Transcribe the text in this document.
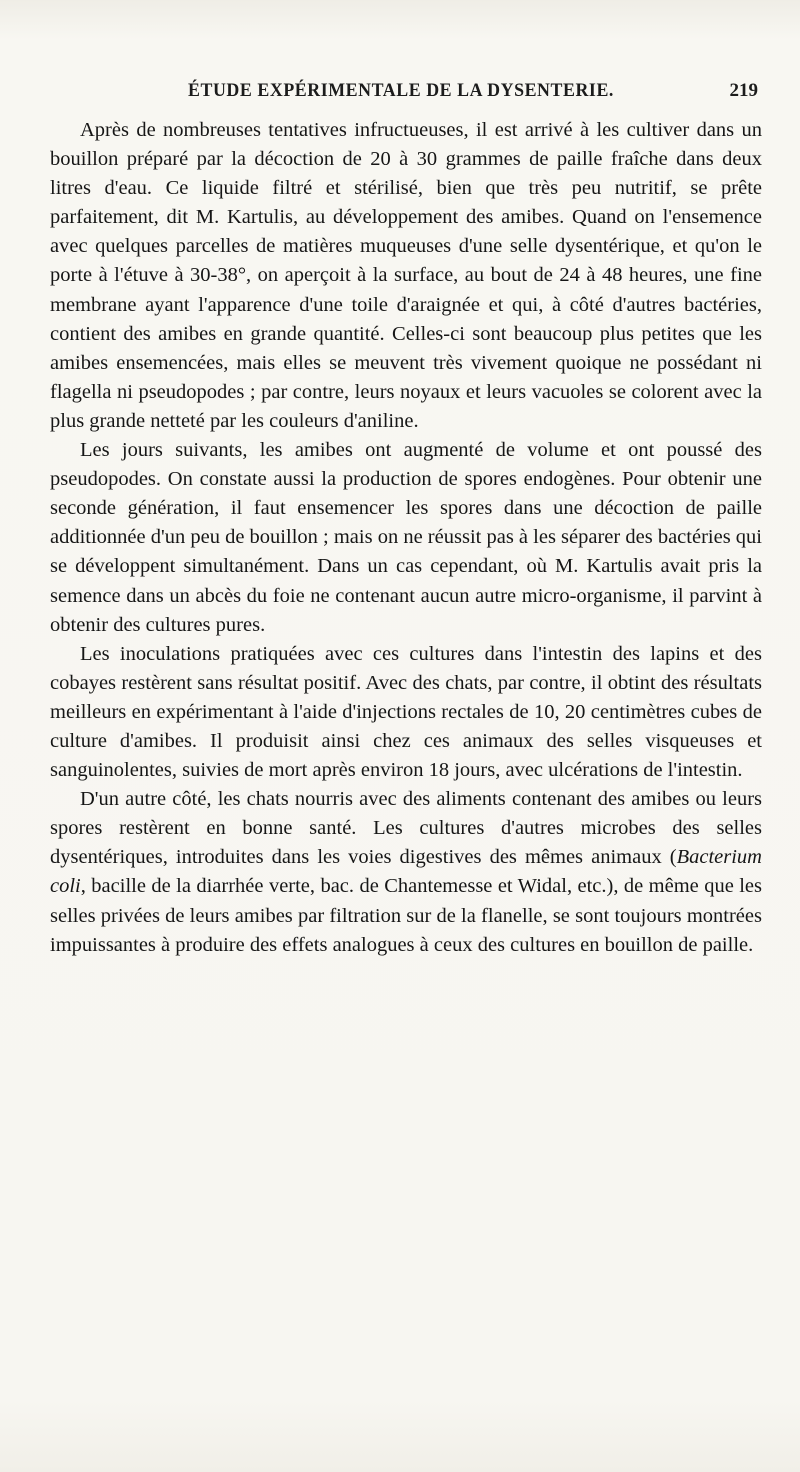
ÉTUDE EXPÉRIMENTALE DE LA DYSENTERIE.	219

Après de nombreuses tentatives infructueuses, il est arrivé à les cultiver dans un bouillon préparé par la décoction de 20 à 30 grammes de paille fraîche dans deux litres d'eau. Ce liquide filtré et stérilisé, bien que très peu nutritif, se prête parfaitement, dit M. Kartulis, au développement des amibes. Quand on l'ensemence avec quelques parcelles de matières muqueuses d'une selle dysentérique, et qu'on le porte à l'étuve à 30-38°, on aperçoit à la surface, au bout de 24 à 48 heures, une fine membrane ayant l'apparence d'une toile d'araignée et qui, à côté d'autres bactéries, contient des amibes en grande quantité. Celles-ci sont beaucoup plus petites que les amibes ensemencées, mais elles se meuvent très vivement quoique ne possédant ni flagella ni pseudopodes ; par contre, leurs noyaux et leurs vacuoles se colorent avec la plus grande netteté par les couleurs d'aniline.

Les jours suivants, les amibes ont augmenté de volume et ont poussé des pseudopodes. On constate aussi la production de spores endogènes. Pour obtenir une seconde génération, il faut ensemencer les spores dans une décoction de paille additionnée d'un peu de bouillon ; mais on ne réussit pas à les séparer des bactéries qui se développent simultanément. Dans un cas cependant, où M. Kartulis avait pris la semence dans un abcès du foie ne contenant aucun autre micro-organisme, il parvint à obtenir des cultures pures.

Les inoculations pratiquées avec ces cultures dans l'intestin des lapins et des cobayes restèrent sans résultat positif. Avec des chats, par contre, il obtint des résultats meilleurs en expérimentant à l'aide d'injections rectales de 10, 20 centimètres cubes de culture d'amibes. Il produisit ainsi chez ces animaux des selles visqueuses et sanguinolentes, suivies de mort après environ 18 jours, avec ulcérations de l'intestin.

D'un autre côté, les chats nourris avec des aliments contenant des amibes ou leurs spores restèrent en bonne santé. Les cultures d'autres microbes des selles dysentériques, introduites dans les voies digestives des mêmes animaux (Bacterium coli, bacille de la diarrhée verte, bac. de Chantemesse et Widal, etc.), de même que les selles privées de leurs amibes par filtration sur de la flanelle, se sont toujours montrées impuissantes à produire des effets analogues à ceux des cultures en bouillon de paille.
